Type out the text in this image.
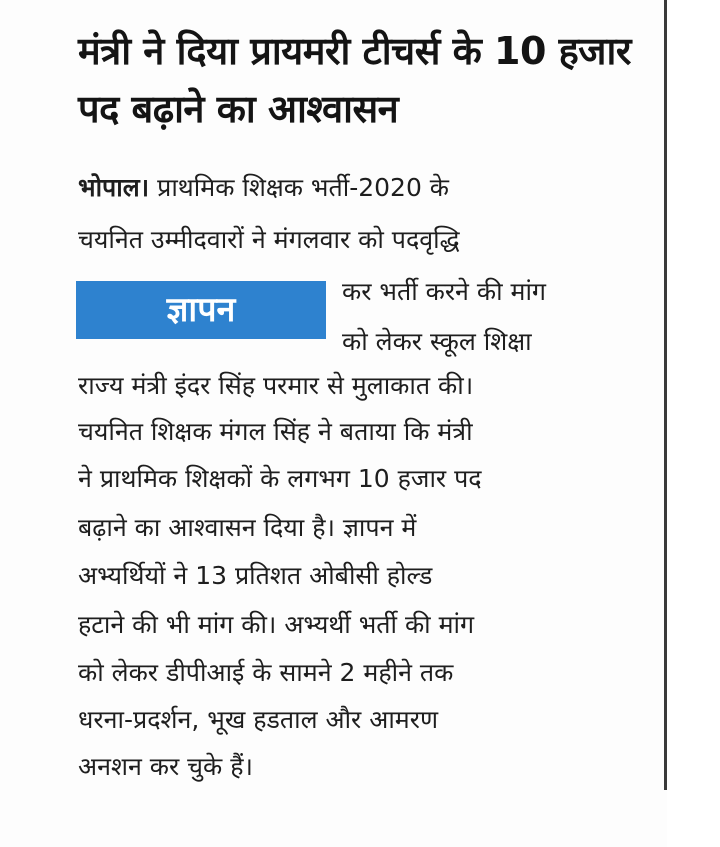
मंत्री ने दिया प्रायमरी टीचर्स के 10 हजार पद बढ़ाने का आश्वासन
भोपाल। प्राथमिक शिक्षक भर्ती-2020 के
चयनित उम्मीदवारों ने मंगलवार को पदवृद्धि
ज्ञापन	कर भर्ती करने की मांग
को लेकर स्कूल शिक्षा
राज्य मंत्री इंदर सिंह परमार से मुलाकात की।
चयनित शिक्षक मंगल सिंह ने बताया कि मंत्री
ने प्राथमिक शिक्षकों के लगभग 10 हजार पद
बढ़ाने का आश्वासन दिया है। ज्ञापन में
अभ्यर्थियों ने 13 प्रतिशत ओबीसी होल्ड
हटाने की भी मांग की। अभ्यर्थी भर्ती की मांग
को लेकर डीपीआई के सामने 2 महीने तक
धरना-प्रदर्शन, भूख हडताल और आमरण
अनशन कर चुके हैं।
